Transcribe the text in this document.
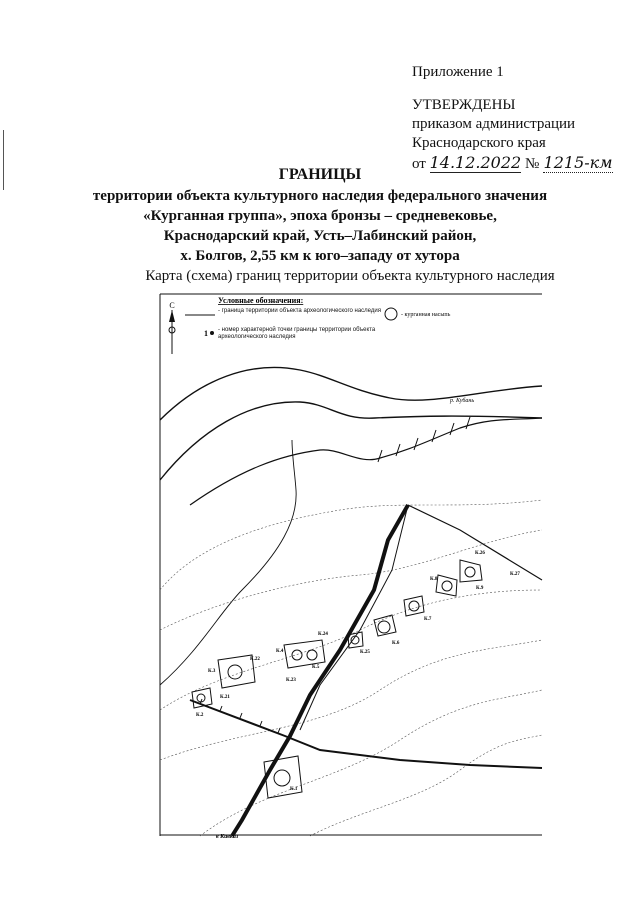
Приложение 1
УТВЕРЖДЕНЫ
приказом администрации
Краснодарского края
от 14.12.2022 № 1215-км
ГРАНИЦЫ
территории объекта культурного наследия федерального значения
«Курганная группа», эпоха бронзы – средневековье,
Краснодарский край, Усть–Лабинский район,
х. Болгов, 2,55 км к юго–западу от хутора
Карта (схема) границ территории объекта культурного наследия
С
Условные обозначения:
- граница территории объекта археологического наследия
- курганная насыпь
1 - номер характерной точки границы территории объекта археологического наследия
р. Кубань
К.26
К.27
К.8
К.9
К.7
К.6
К.24
К.25
К.4
К.5
К.22
К.23
К.3
К.21
К.2
К.1
в Кавказ
